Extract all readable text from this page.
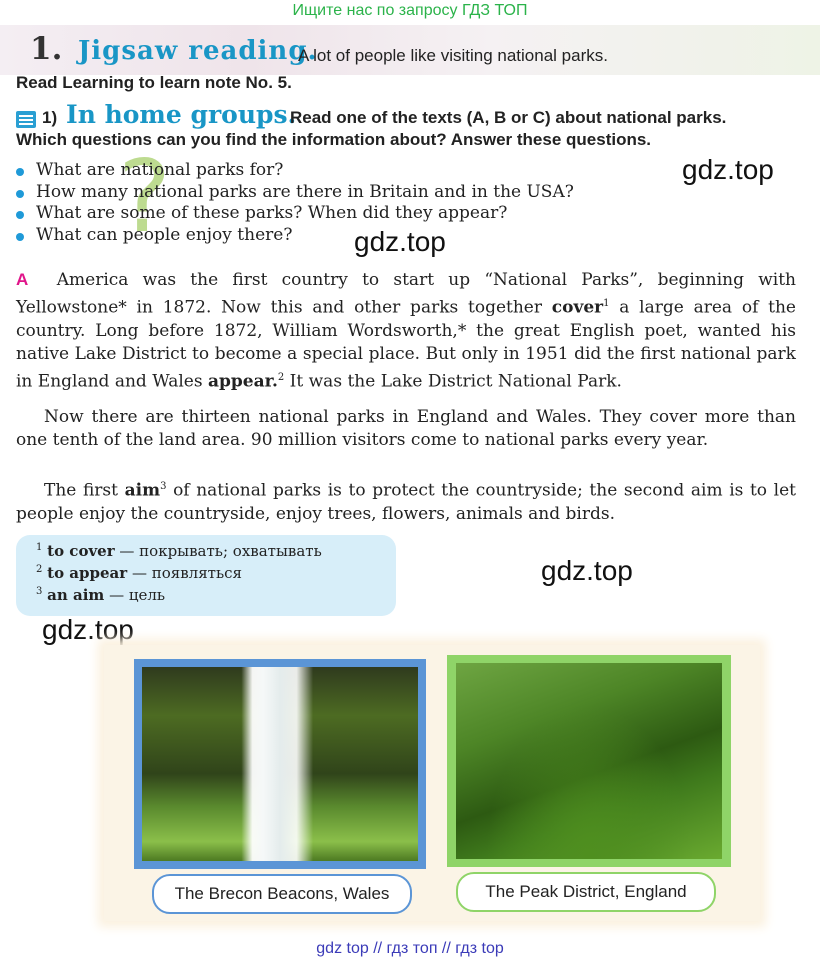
Ищите нас по запросу ГДЗ ТОП
1. Jigsaw reading.
A lot of people like visiting national parks.
Read Learning to learn note No. 5.
1) In home groups.
Read one of the texts (A, B or C) about national parks.
Which questions can you find the information about? Answer these questions.
?
What are national parks for?
How many national parks are there in Britain and in the USA?
What are some of these parks? When did they appear?
What can people enjoy there?
gdz.top
gdz.top
A America was the first country to start up “National Parks”, beginning with Yellowstone* in 1872. Now this and other parks together cover$^1$ a large area of the country. Long before 1872, William Wordsworth,* the great English poet, wanted his native Lake District to become a special place. But only in 1951 did the first national park in England and Wales appear.$^2$ It was the Lake District National Park.
Now there are thirteen national parks in England and Wales. They cover more than one tenth of the land area. 90 million visitors come to national parks every year.
The first aim$^3$ of national parks is to protect the countryside; the second aim is to let people enjoy the countryside, enjoy trees, flowers, animals and birds.
$^1$ to cover — покрывать; охватывать
$^2$ to appear — появляться
$^3$ an aim — цель
gdz.top
gdz.top
The Brecon Beacons, Wales	The Peak District, England
gdz top // гдз топ // гдз top
